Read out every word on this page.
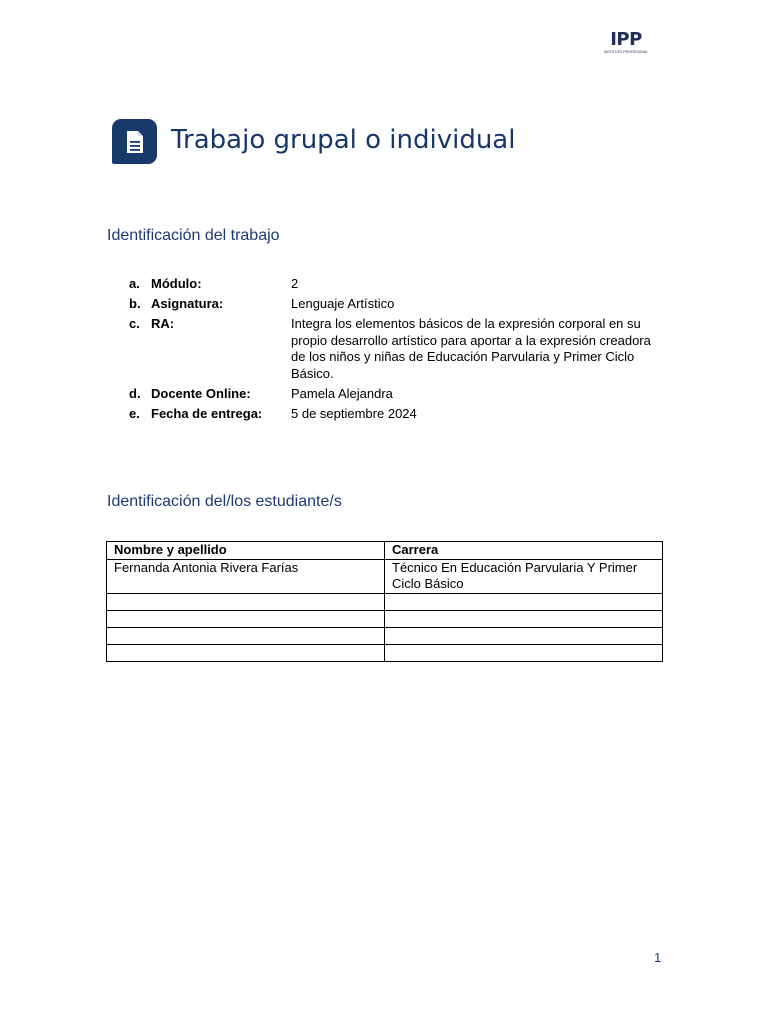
IPP
INSTITUTO PROFESIONAL
Trabajo grupal o individual
Identificación del trabajo
a. Módulo:	2
b. Asignatura:	Lenguaje Artístico
c. RA:	Integra los elementos básicos de la expresión corporal en su propio desarrollo artístico para aportar a la expresión creadora de los niños y niñas de Educación Parvularia y Primer Ciclo Básico.
d. Docente Online:	Pamela Alejandra
e. Fecha de entrega:	5 de septiembre 2024
Identificación del/los estudiante/s
Nombre y apellido	Carrera
Fernanda Antonia Rivera Farías	Técnico En Educación Parvularia Y Primer Ciclo Básico

1
